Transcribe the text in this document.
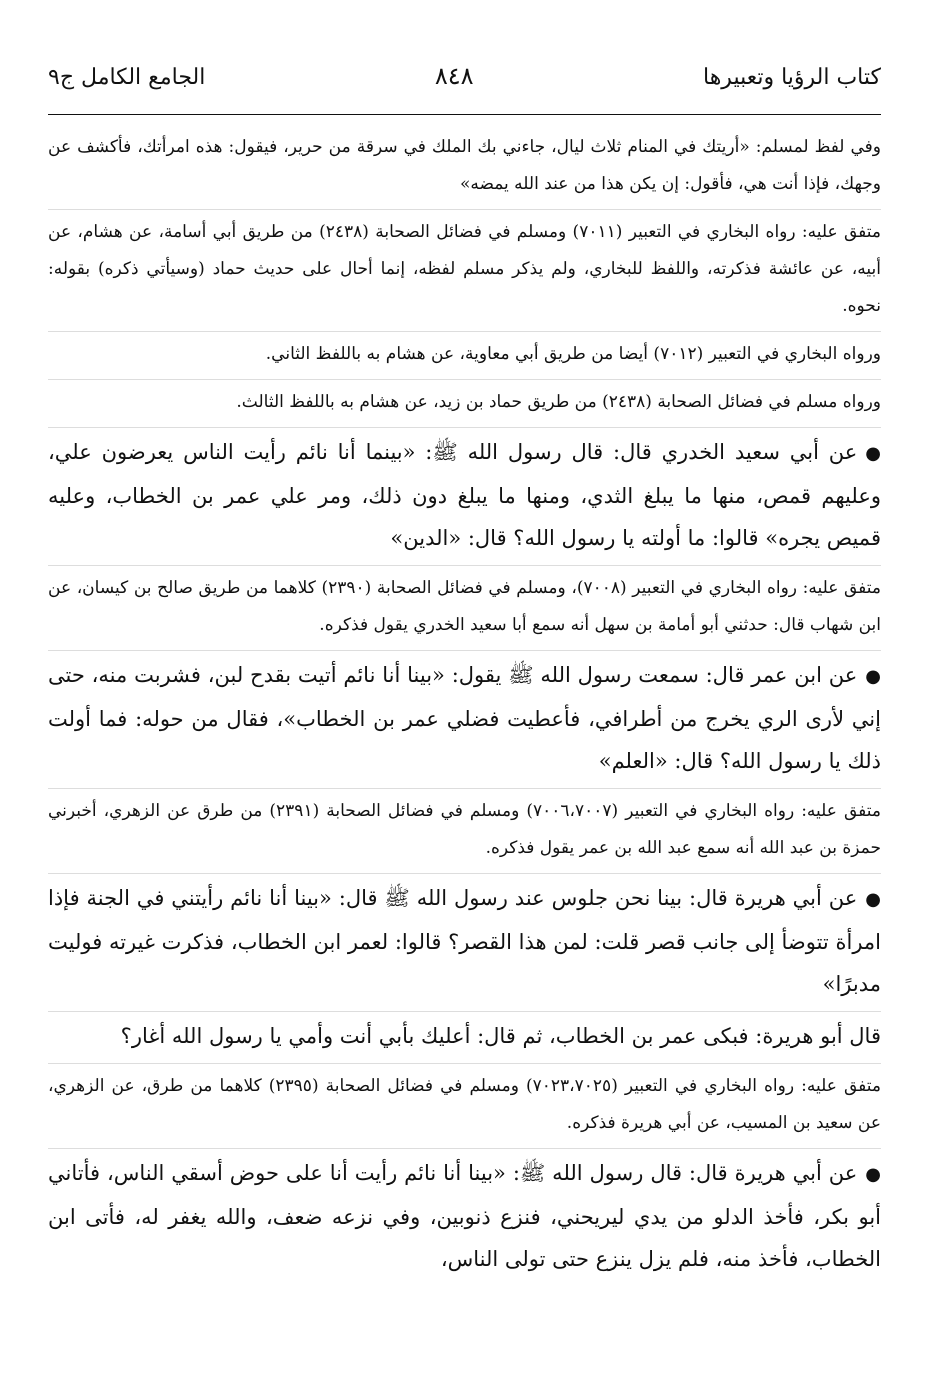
كتاب الرؤيا وتعبيرها
٨٤٨
الجامع الكامل ج٩

وفي لفظ لمسلم: «أريتك في المنام ثلاث ليال، جاءني بك الملك في سرقة من حرير، فيقول: هذه امرأتك، فأكشف عن وجهك، فإذا أنت هي، فأقول: إن يكن هذا من عند الله يمضه»

متفق عليه: رواه البخاري في التعبير (٧٠١١) ومسلم في فضائل الصحابة (٢٤٣٨) من طريق أبي أسامة، عن هشام، عن أبيه، عن عائشة فذكرته، واللفظ للبخاري، ولم يذكر مسلم لفظه، إنما أحال على حديث حماد (وسيأتي ذكره) بقوله: نحوه.

ورواه البخاري في التعبير (٧٠١٢) أيضا من طريق أبي معاوية، عن هشام به باللفظ الثاني.

ورواه مسلم في فضائل الصحابة (٢٤٣٨) من طريق حماد بن زيد، عن هشام به باللفظ الثالث.

●عن أبي سعيد الخدري قال: قال رسول الله ﷺ: «بينما أنا نائم رأيت الناس يعرضون علي، وعليهم قمص، منها ما يبلغ الثدي، ومنها ما يبلغ دون ذلك، ومر علي عمر بن الخطاب، وعليه قميص يجره» قالوا: ما أولته يا رسول الله؟ قال: «الدين»

متفق عليه: رواه البخاري في التعبير (٧٠٠٨)، ومسلم في فضائل الصحابة (٢٣٩٠) كلاهما من طريق صالح بن كيسان، عن ابن شهاب قال: حدثني أبو أمامة بن سهل أنه سمع أبا سعيد الخدري يقول فذكره.

●عن ابن عمر قال: سمعت رسول الله ﷺ يقول: «بينا أنا نائم أتيت بقدح لبن، فشربت منه، حتى إني لأرى الري يخرج من أطرافي، فأعطيت فضلي عمر بن الخطاب»، فقال من حوله: فما أولت ذلك يا رسول الله؟ قال: «العلم»

متفق عليه: رواه البخاري في التعبير (٧٠٠٦،٧٠٠٧) ومسلم في فضائل الصحابة (٢٣٩١) من طرق عن الزهري، أخبرني حمزة بن عبد الله أنه سمع عبد الله بن عمر يقول فذكره.

●عن أبي هريرة قال: بينا نحن جلوس عند رسول الله ﷺ قال: «بينا أنا نائم رأيتني في الجنة فإذا امرأة تتوضأ إلى جانب قصر قلت: لمن هذا القصر؟ قالوا: لعمر ابن الخطاب، فذكرت غيرته فوليت مدبرًا»

قال أبو هريرة: فبكى عمر بن الخطاب، ثم قال: أعليك بأبي أنت وأمي يا رسول الله أغار؟

متفق عليه: رواه البخاري في التعبير (٧٠٢٣،٧٠٢٥) ومسلم في فضائل الصحابة (٢٣٩٥) كلاهما من طرق، عن الزهري، عن سعيد بن المسيب، عن أبي هريرة فذكره.

●عن أبي هريرة قال: قال رسول الله ﷺ: «بينا أنا نائم رأيت أنا على حوض أسقي الناس، فأتاني أبو بكر، فأخذ الدلو من يدي ليريحني، فنزع ذنوبين، وفي نزعه ضعف، والله يغفر له، فأتى ابن الخطاب، فأخذ منه، فلم يزل ينزع حتى تولى الناس،
